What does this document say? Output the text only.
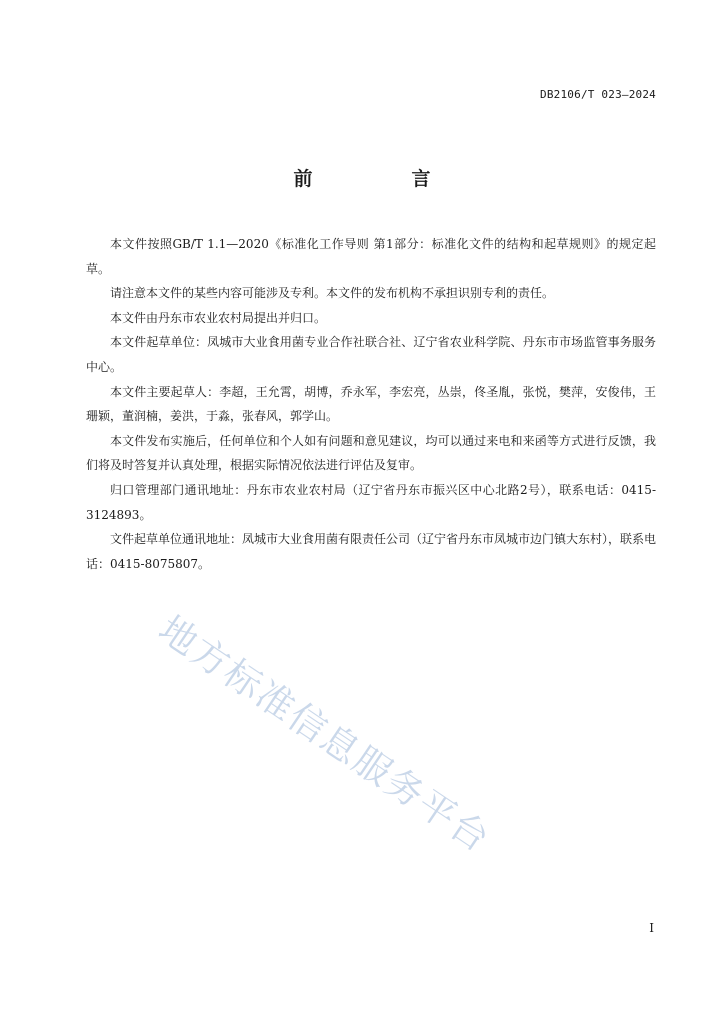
DB2106/T 023—2024
前　言

本文件按照GB/T 1.1—2020《标准化工作导则 第1部分：标准化文件的结构和起草规则》的规定起草。

请注意本文件的某些内容可能涉及专利。本文件的发布机构不承担识别专利的责任。

本文件由丹东市农业农村局提出并归口。

本文件起草单位：凤城市大业食用菌专业合作社联合社、辽宁省农业科学院、丹东市市场监管事务服务中心。

本文件主要起草人：李超，王允霄，胡博，乔永军，李宏亮，丛崇，佟圣胤，张悦，樊萍，安俊伟，王珊颖，董润楠，姜洪，于淼，张春风，郭学山。

本文件发布实施后，任何单位和个人如有问题和意见建议，均可以通过来电和来函等方式进行反馈，我们将及时答复并认真处理，根据实际情况依法进行评估及复审。

归口管理部门通讯地址：丹东市农业农村局（辽宁省丹东市振兴区中心北路2号），联系电话：0415-3124893。

文件起草单位通讯地址：凤城市大业食用菌有限责任公司（辽宁省丹东市凤城市边门镇大东村），联系电话：0415-8075807。

地方标准信息服务平台
I
